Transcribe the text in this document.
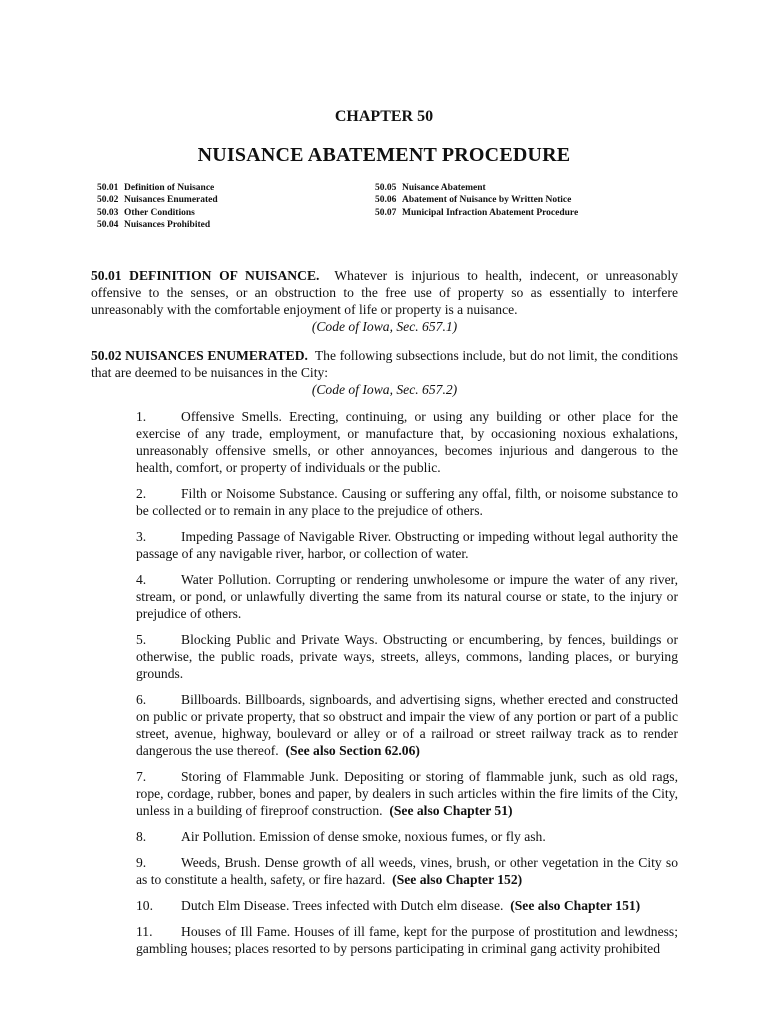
CHAPTER 50
NUISANCE ABATEMENT PROCEDURE
50.01 Definition of Nuisance
50.02 Nuisances Enumerated
50.03 Other Conditions
50.04 Nuisances Prohibited
50.05 Nuisance Abatement
50.06 Abatement of Nuisance by Written Notice
50.07 Municipal Infraction Abatement Procedure

50.01 DEFINITION OF NUISANCE. Whatever is injurious to health, indecent, or unreasonably offensive to the senses, or an obstruction to the free use of property so as essentially to interfere unreasonably with the comfortable enjoyment of life or property is a nuisance.

(Code of Iowa, Sec. 657.1)

50.02 NUISANCES ENUMERATED. The following subsections include, but do not limit, the conditions that are deemed to be nuisances in the City:

(Code of Iowa, Sec. 657.2)

1.	Offensive Smells. Erecting, continuing, or using any building or other place for the exercise of any trade, employment, or manufacture that, by occasioning noxious exhalations, unreasonably offensive smells, or other annoyances, becomes injurious and dangerous to the health, comfort, or property of individuals or the public.

2.	Filth or Noisome Substance. Causing or suffering any offal, filth, or noisome substance to be collected or to remain in any place to the prejudice of others.

3.	Impeding Passage of Navigable River. Obstructing or impeding without legal authority the passage of any navigable river, harbor, or collection of water.

4.	Water Pollution. Corrupting or rendering unwholesome or impure the water of any river, stream, or pond, or unlawfully diverting the same from its natural course or state, to the injury or prejudice of others.

5.	Blocking Public and Private Ways. Obstructing or encumbering, by fences, buildings or otherwise, the public roads, private ways, streets, alleys, commons, landing places, or burying grounds.

6.	Billboards. Billboards, signboards, and advertising signs, whether erected and constructed on public or private property, that so obstruct and impair the view of any portion or part of a public street, avenue, highway, boulevard or alley or of a railroad or street railway track as to render dangerous the use thereof. (See also Section 62.06)

7.	Storing of Flammable Junk. Depositing or storing of flammable junk, such as old rags, rope, cordage, rubber, bones and paper, by dealers in such articles within the fire limits of the City, unless in a building of fireproof construction. (See also Chapter 51)

8.	Air Pollution. Emission of dense smoke, noxious fumes, or fly ash.

9.	Weeds, Brush. Dense growth of all weeds, vines, brush, or other vegetation in the City so as to constitute a health, safety, or fire hazard. (See also Chapter 152)

10. Dutch Elm Disease. Trees infected with Dutch elm disease. (See also Chapter 151)

11. Houses of Ill Fame. Houses of ill fame, kept for the purpose of prostitution and lewdness; gambling houses; places resorted to by persons participating in criminal gang activity prohibited
